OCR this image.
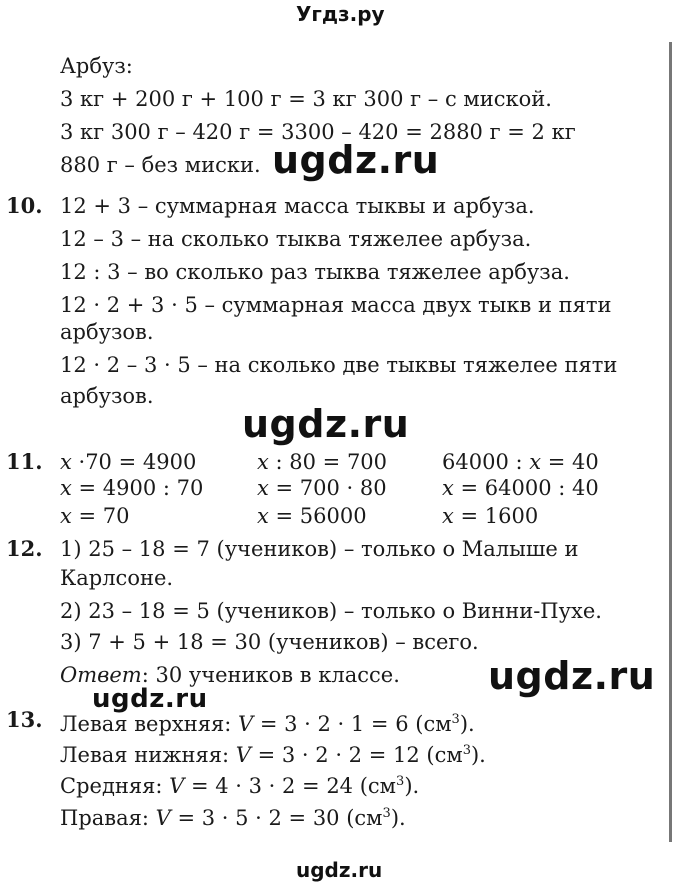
Угдз.ру
Арбуз:
3 кг + 200 г + 100 г = 3 кг 300 г – с миской.
3 кг 300 г – 420 г = 3300 – 420 = 2880 г = 2 кг
880 г – без миски. ugdz.ru
10. 12 + 3 – суммарная масса тыквы и арбуза.
12 – 3 – на сколько тыква тяжелее арбуза.
12 : 3 – во сколько раз тыква тяжелее арбуза.
12 · 2 + 3 · 5 – суммарная масса двух тыкв и пяти
арбузов.
12 · 2 – 3 · 5 – на сколько две тыквы тяжелее пяти
арбузов.
ugdz.ru
11. x ·70 = 4900
x = 4900 : 70
x = 70
x : 80 = 700
x = 700 · 80
x = 56000
64000 : x = 40
x = 64000 : 40
x = 1600
12. 1) 25 – 18 = 7 (учеников) – только о Малыше и
Карлсоне.
2) 23 – 18 = 5 (учеников) – только о Винни-Пухе.
3) 7 + 5 + 18 = 30 (учеников) – всего.
Ответ: 30 учеников в классе. ugdz.ru
ugdz.ru
13. Левая верхняя: V = 3 · 2 · 1 = 6 $(см^3)$.
Левая нижняя: V = 3 · 2 · 2 = 12 $(см^3)$.
Средняя: V = 4 · 3 · 2 = 24 $(см^3)$.
Правая: V = 3 · 5 · 2 = 30 $(см^3)$.
ugdz.ru
